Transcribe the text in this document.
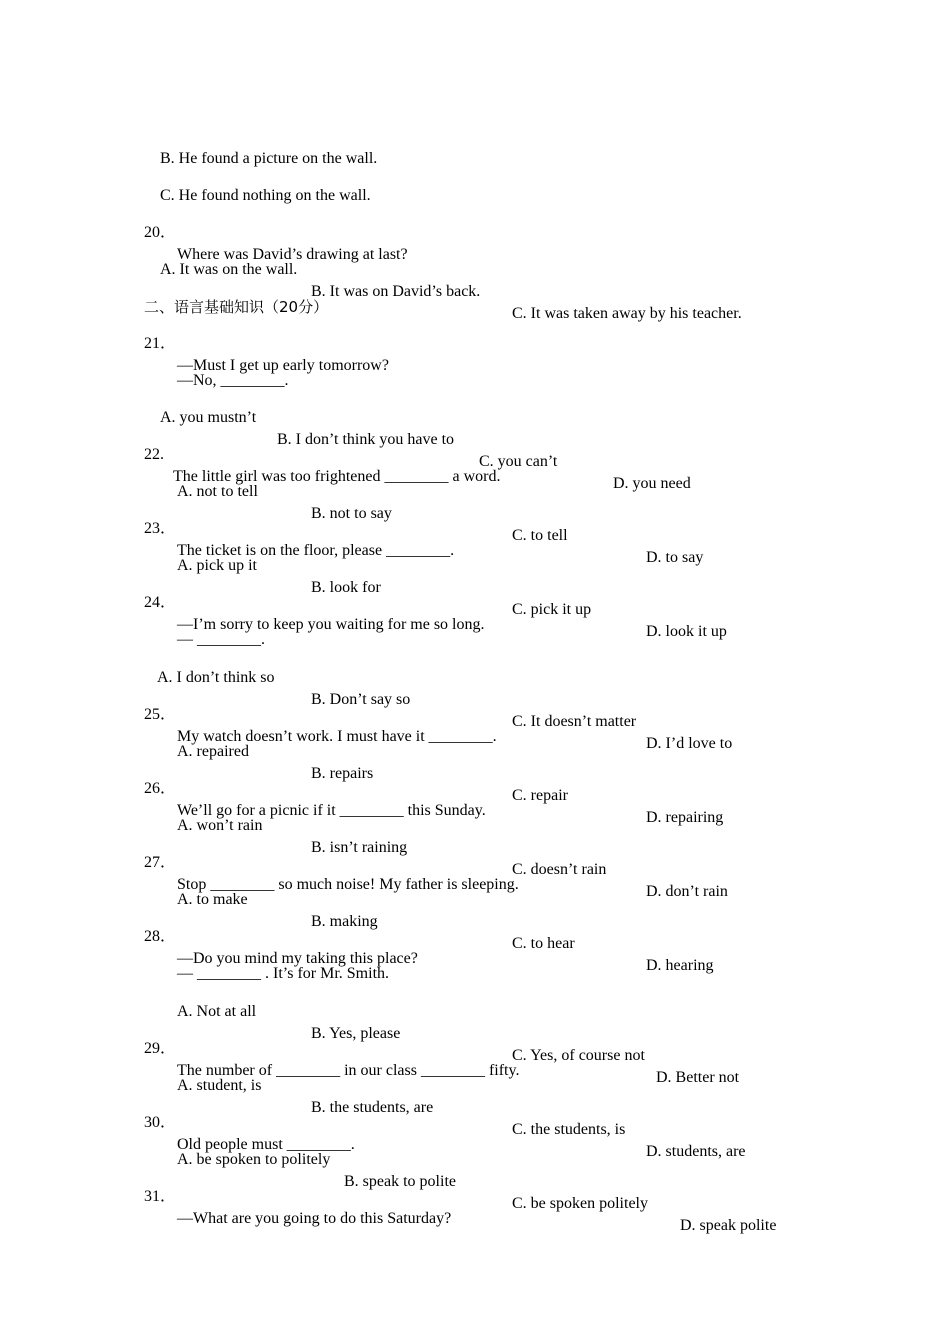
B. He found a picture on the wall.

C. He found nothing on the wall.

20．

Where was David’s drawing at last?

A. It was on the wall.

B. It was on David’s back.

C. It was taken away by his teacher.

二、语言基础知识（20分）

21．

—Must I get up early tomorrow?

—No, ________.

A. you mustn’t

B. I don’t think you have to

C. you can’t

D. you need

22.

The little girl was too frightened ________ a word.

A. not to tell

B. not to say

C. to tell

D. to say

23．

The ticket is on the floor, please ________.

A. pick up it

B. look for

C. pick it up

D. look it up

24．

—I’m sorry to keep you waiting for me so long.

— ________.

A. I don’t think so

B. Don’t say so

C. It doesn’t matter

D. I’d love to

25．

My watch doesn’t work. I must have it ________.

A. repaired

B. repairs

C. repair

D. repairing

26．

We’ll go for a picnic if it ________ this Sunday.

A. won’t rain

B. isn’t raining

C. doesn’t rain

D. don’t rain

27．

Stop ________ so much noise! My father is sleeping.

A. to make

B. making

C. to hear

D. hearing

28．

—Do you mind my taking this place?

— ________ . It’s for Mr. Smith.

A. Not at all

B. Yes, please

C. Yes, of course not

D. Better not

29．

The number of ________ in our class ________ fifty.

A. student, is

B. the students, are

C. the students, is

D. students, are

30．

Old people must ________.

A. be spoken to politely

B. speak to polite

C. be spoken politely

D. speak polite

31．

—What are you going to do this Saturday?
